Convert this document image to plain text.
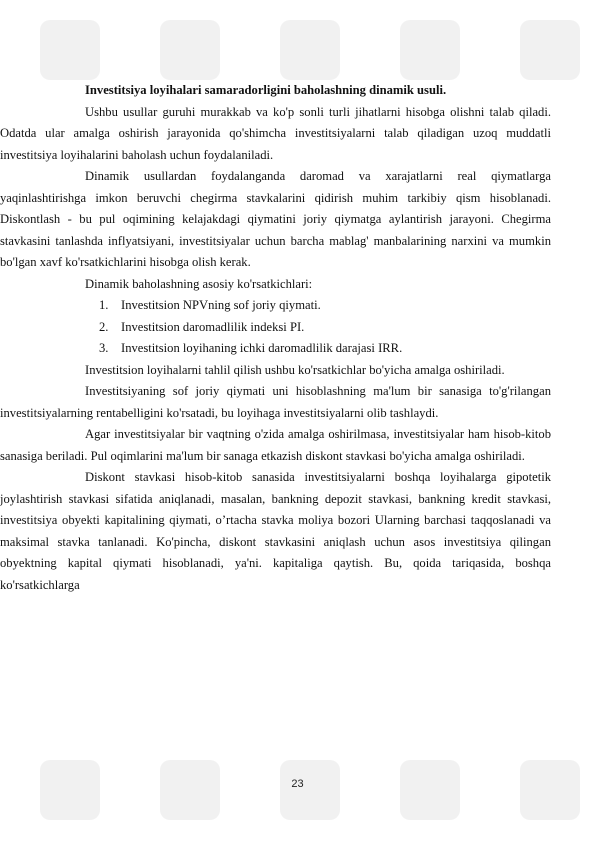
Investitsiya loyihalari samaradorligini baholashning dinamik usuli.

Ushbu usullar guruhi murakkab va ko'p sonli turli jihatlarni hisobga olishni talab qiladi. Odatda ular amalga oshirish jarayonida qo'shimcha investitsiyalarni talab qiladigan uzoq muddatli investitsiya loyihalarini baholash uchun foydalaniladi.

Dinamik usullardan foydalanganda daromad va xarajatlarni real qiymatlarga yaqinlashtirishga imkon beruvchi chegirma stavkalarini qidirish muhim tarkibiy qism hisoblanadi. Diskontlash - bu pul oqimining kelajakdagi qiymatini joriy qiymatga aylantirish jarayoni. Chegirma stavkasini tanlashda inflyatsiyani, investitsiyalar uchun barcha mablag' manbalarining narxini va mumkin bo'lgan xavf ko'rsatkichlarini hisobga olish kerak.

Dinamik baholashning asosiy ko'rsatkichlari:

1. Investitsion NPVning sof joriy qiymati.
2. Investitsion daromadlilik indeksi PI.
3. Investitsion loyihaning ichki daromadlilik darajasi IRR.

Investitsion loyihalarni tahlil qilish ushbu ko'rsatkichlar bo'yicha amalga oshiriladi.

Investitsiyaning sof joriy qiymati uni hisoblashning ma'lum bir sanasiga to'g'rilangan investitsiyalarning rentabelligini ko'rsatadi, bu loyihaga investitsiyalarni olib tashlaydi.

Agar investitsiyalar bir vaqtning o'zida amalga oshirilmasa, investitsiyalar ham hisob-kitob sanasiga beriladi. Pul oqimlarini ma'lum bir sanaga etkazish diskont stavkasi bo'yicha amalga oshiriladi.

Diskont stavkasi hisob-kitob sanasida investitsiyalarni boshqa loyihalarga gipotetik joylashtirish stavkasi sifatida aniqlanadi, masalan, bankning depozit stavkasi, bankning kredit stavkasi, investitsiya obyekti kapitalining qiymati, o’rtacha stavka moliya bozori Ularning barchasi taqqoslanadi va maksimal stavka tanlanadi. Ko'pincha, diskont stavkasini aniqlash uchun asos investitsiya qilingan obyektning kapital qiymati hisoblanadi, ya'ni. kapitaliga qaytish. Bu, qoida tariqasida, boshqa ko'rsatkichlarga

23
